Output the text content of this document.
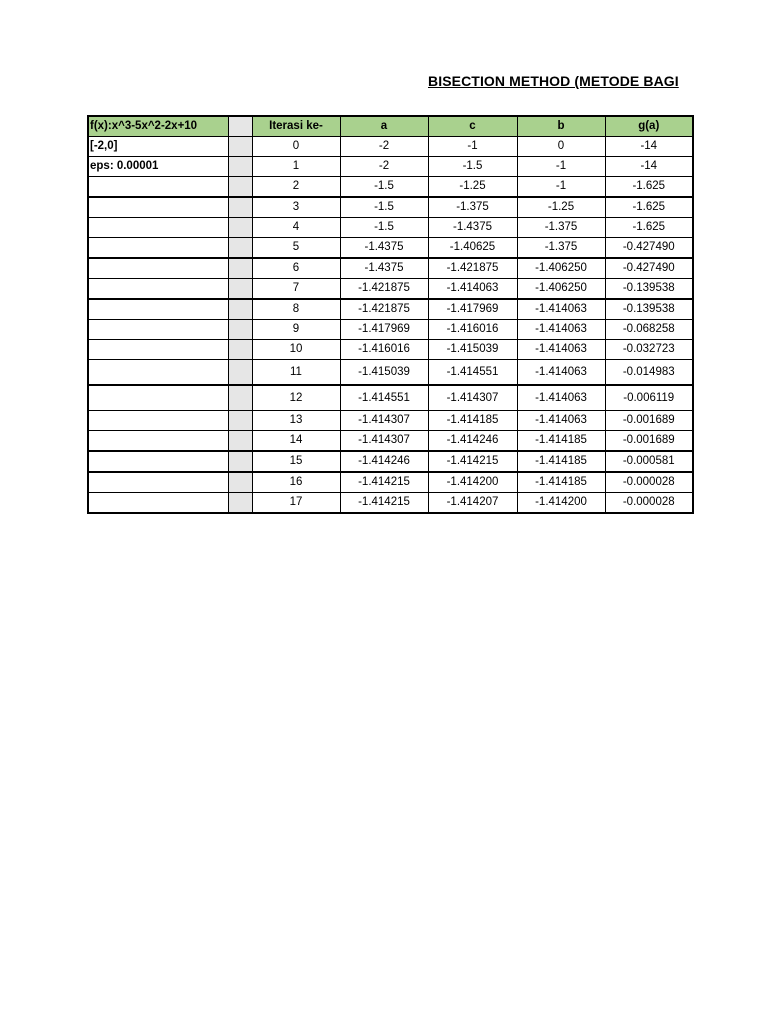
BISECTION METHOD (METODE BAGI
f(x):x^3-5x^2-2x+10		Iterasi ke-	a	c	b	g(a)
[-2,0]		0	-2	-1	0	-14
eps: 0.00001		1	-2	-1.5	-1	-14
		2	-1.5	-1.25	-1	-1.625
		3	-1.5	-1.375	-1.25	-1.625
		4	-1.5	-1.4375	-1.375	-1.625
		5	-1.4375	-1.40625	-1.375	-0.427490
		6	-1.4375	-1.421875	-1.406250	-0.427490
		7	-1.421875	-1.414063	-1.406250	-0.139538
		8	-1.421875	-1.417969	-1.414063	-0.139538
		9	-1.417969	-1.416016	-1.414063	-0.068258
		10	-1.416016	-1.415039	-1.414063	-0.032723
		11	-1.415039	-1.414551	-1.414063	-0.014983
		12	-1.414551	-1.414307	-1.414063	-0.006119
		13	-1.414307	-1.414185	-1.414063	-0.001689
		14	-1.414307	-1.414246	-1.414185	-0.001689
		15	-1.414246	-1.414215	-1.414185	-0.000581
		16	-1.414215	-1.414200	-1.414185	-0.000028
		17	-1.414215	-1.414207	-1.414200	-0.000028
